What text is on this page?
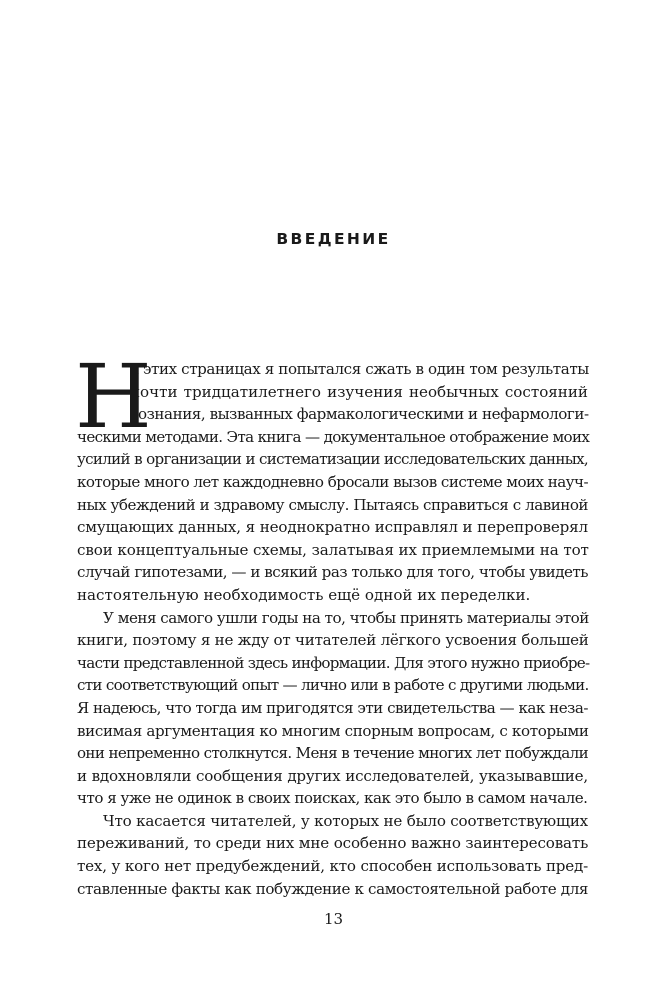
ВВЕДЕНИЕ
Н
а этих страницах я попытался сжать в один том результаты
почти тридцатилетнего изучения необычных состояний
сознания, вызванных фармакологическими и нефармологи-
ческими методами. Эта книга — документальное отображение моих
усилий в организации и систематизации исследовательских данных,
которые много лет каждодневно бросали вызов системе моих науч-
ных убеждений и здравому смыслу. Пытаясь справиться с лавиной
смущающих данных, я неоднократно исправлял и перепроверял
свои концептуальные схемы, залатывая их приемлемыми на тот
случай гипотезами, — и всякий раз только для того, чтобы увидеть
настоятельную необходимость ещё одной их переделки.
У меня самого ушли годы на то, чтобы принять материалы этой
книги, поэтому я не жду от читателей лёгкого усвоения большей
части представленной здесь информации. Для этого нужно приобре-
сти соответствующий опыт — лично или в работе с другими людьми.
Я надеюсь, что тогда им пригодятся эти свидетельства — как неза-
висимая аргументация ко многим спорным вопросам, с которыми
они непременно столкнутся. Меня в течение многих лет побуждали
и вдохновляли сообщения других исследователей, указывавшие,
что я уже не одинок в своих поисках, как это было в самом начале.
Что касается читателей, у которых не было соответствующих
переживаний, то среди них мне особенно важно заинтересовать
тех, у кого нет предубеждений, кто способен использовать пред-
ставленные факты как побуждение к самостоятельной работе для
13
